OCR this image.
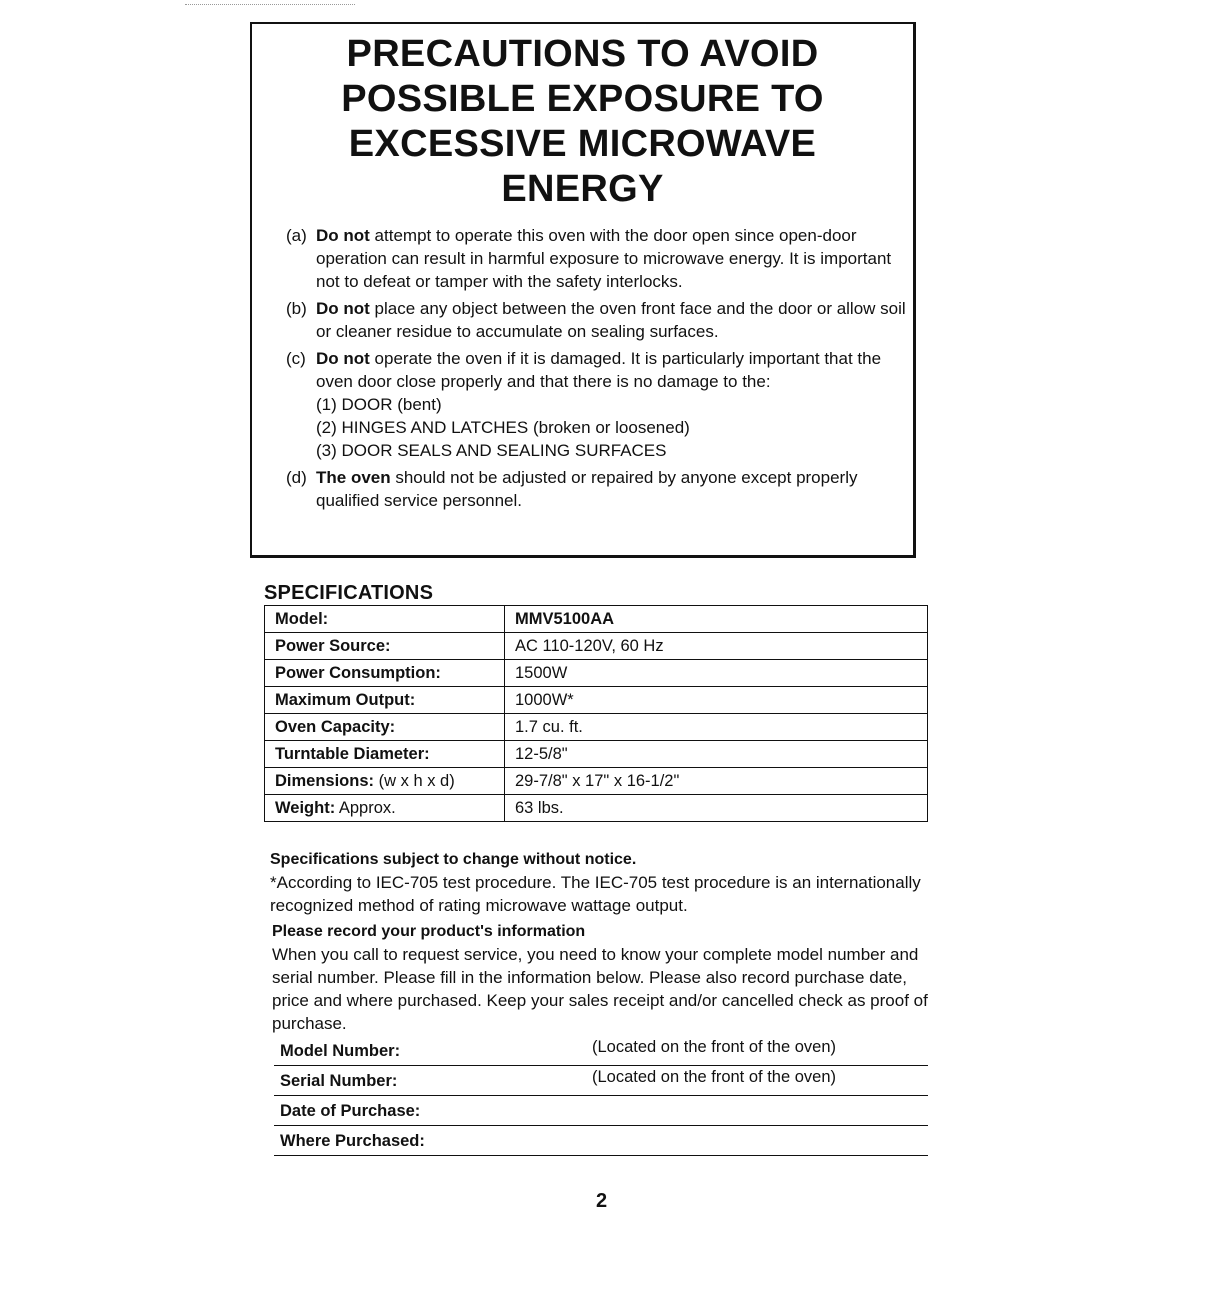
PRECAUTIONS TO AVOID
POSSIBLE EXPOSURE TO
EXCESSIVE MICROWAVE
ENERGY
(a) Do not attempt to operate this oven with the door open since open-door operation can result in harmful exposure to microwave energy. It is important not to defeat or tamper with the safety interlocks.
(b) Do not place any object between the oven front face and the door or allow soil or cleaner residue to accumulate on sealing surfaces.
(c) Do not operate the oven if it is damaged. It is particularly important that the oven door close properly and that there is no damage to the:
(1) DOOR (bent)
(2) HINGES AND LATCHES (broken or loosened)
(3) DOOR SEALS AND SEALING SURFACES
(d) The oven should not be adjusted or repaired by anyone except properly qualified service personnel.
SPECIFICATIONS
Model:	MMV5100AA
Power Source:	AC 110-120V, 60 Hz
Power Consumption:	1500W
Maximum Output:	1000W*
Oven Capacity:	1.7 cu. ft.
Turntable Diameter:	12-5/8"
Dimensions: (w x h x d)	29-7/8" x 17" x 16-1/2"
Weight: Approx.	63 lbs.
Specifications subject to change without notice.
*According to IEC-705 test procedure. The IEC-705 test procedure is an internationally recognized method of rating microwave wattage output.
Please record your product's information
When you call to request service, you need to know your complete model number and serial number. Please fill in the information below. Please also record purchase date, price and where purchased. Keep your sales receipt and/or cancelled check as proof of purchase.
Model Number:	(Located on the front of the oven)
Serial Number:	(Located on the front of the oven)
Date of Purchase:
Where Purchased:
2
